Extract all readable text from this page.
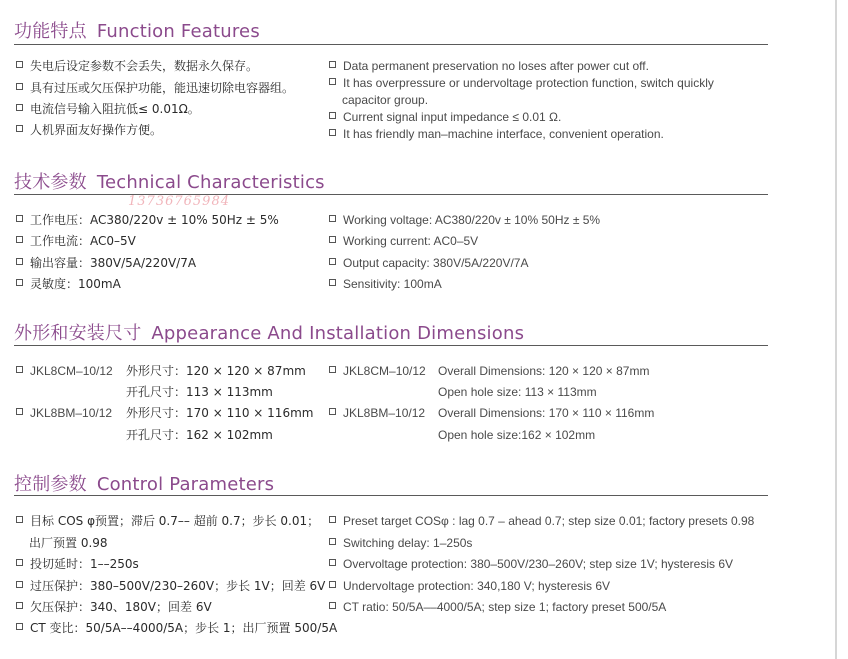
功能特点 Function Features
失电后设定参数不会丢失，数据永久保存。
具有过压或欠压保护功能，能迅速切除电容器组。
电流信号输入阻抗低≤ 0.01Ω。
人机界面友好操作方便。
Data permanent preservation no loses after power cut off.
It has overpressure or undervoltage protection function, switch quickly
capacitor group.
Current signal input impedance ≤ 0.01 Ω.
It has friendly man–machine interface, convenient operation.
技术参数 Technical Characteristics
13736765984
工作电压：AC380/220v ± 10% 50Hz ± 5%
工作电流：AC0–5V
输出容量：380V/5A/220V/7A
灵敏度：100mA
Working voltage: AC380/220v ± 10% 50Hz ± 5%
Working current: AC0–5V
Output capacity: 380V/5A/220V/7A
Sensitivity: 100mA
外形和安装尺寸 Appearance And Installation Dimensions
JKL8CM–10/12 外形尺寸：120 × 120 × 87mm
开孔尺寸：113 × 113mm
JKL8BM–10/12 外形尺寸：170 × 110 × 116mm
开孔尺寸：162 × 102mm
JKL8CM–10/12 Overall Dimensions: 120 × 120 × 87mm
Open hole size: 113 × 113mm
JKL8BM–10/12 Overall Dimensions: 170 × 110 × 116mm
Open hole size:162 × 102mm
控制参数 Control Parameters
目标 COS φ预置；滞后 0.7–– 超前 0.7；步长 0.01；
出厂预置 0.98
投切延时：1––250s
过压保护：380–500V/230–260V；步长 1V；回差 6V
欠压保护：340、180V；回差 6V
CT 变比：50/5A––4000/5A；步长 1；出厂预置 500/5A
Preset target COSφ : lag 0.7 – ahead 0.7; step size 0.01; factory presets 0.98
Switching delay: 1–250s
Overvoltage protection: 380–500V/230–260V; step size 1V; hysteresis 6V
Undervoltage protection: 340,180 V; hysteresis 6V
CT ratio: 50/5A––4000/5A; step size 1; factory preset 500/5A
